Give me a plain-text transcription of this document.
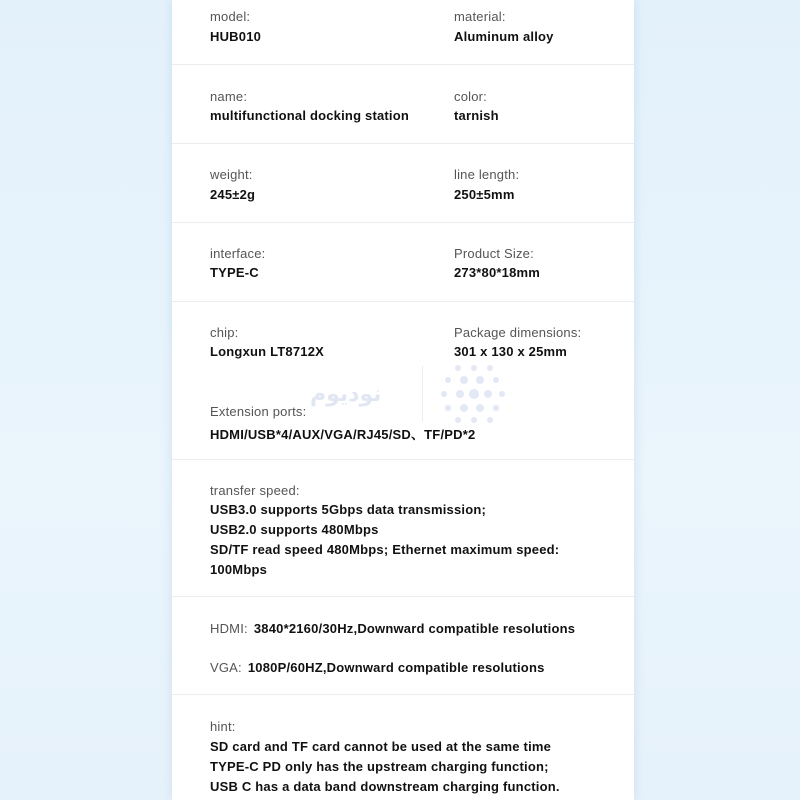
model:
HUB010
material:
Aluminum alloy
name:
multifunctional docking station
color:
tarnish
weight:
245±2g
line length:
250±5mm
interface:
TYPE-C
Product Size:
273*80*18mm
chip:
Longxun LT8712X
Package dimensions:
301 x 130 x 25mm
نودیوم
Extension ports:
HDMI/USB*4/AUX/VGA/RJ45/SD、TF/PD*2
transfer speed:
USB3.0 supports 5Gbps data transmission;
USB2.0 supports 480Mbps
SD/TF read speed 480Mbps; Ethernet maximum speed:
100Mbps
HDMI: 3840*2160/30Hz,Downward compatible resolutions
VGA: 1080P/60HZ,Downward compatible resolutions
hint:
SD card and TF card cannot be used at the same time
TYPE-C PD only has the upstream charging function;
USB C has a data band downstream charging function.
